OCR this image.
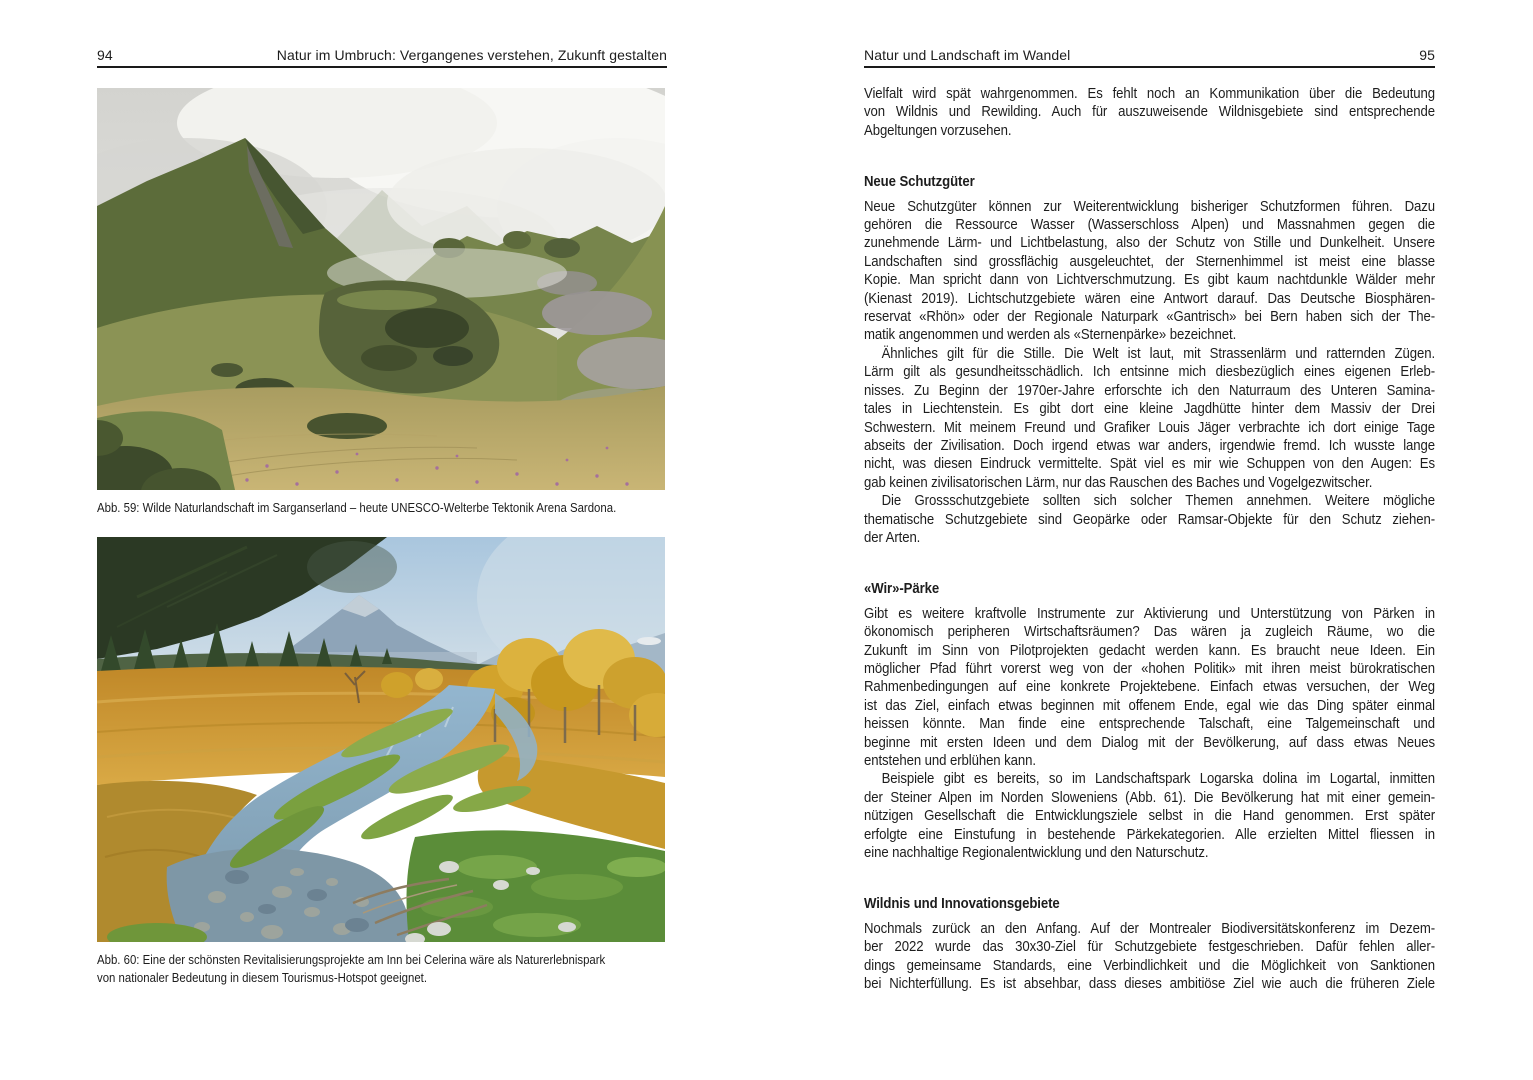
94	Natur im Umbruch: Vergangenes verstehen, Zukunft gestalten
Abb. 59: Wilde Naturlandschaft im Sarganserland – heute UNESCO-Welterbe Tektonik Arena Sardona.
Abb. 60: Eine der schönsten Revitalisierungsprojekte am Inn bei Celerina wäre als Naturerlebnispark
von nationaler Bedeutung in diesem Tourismus-Hotspot geeignet.
Natur und Landschaft im Wandel	95
Vielfalt wird spät wahrgenommen. Es fehlt noch an Kommunikation über die Bedeutung
von Wildnis und Rewilding. Auch für auszuweisende Wildnisgebiete sind entsprechende
Abgeltungen vorzusehen.
Neue Schutzgüter
Neue Schutzgüter können zur Weiterentwicklung bisheriger Schutzformen führen. Dazu
gehören die Ressource Wasser (Wasserschloss Alpen) und Massnahmen gegen die
zunehmende Lärm- und Lichtbelastung, also der Schutz von Stille und Dunkelheit. Unsere
Landschaften sind grossflächig ausgeleuchtet, der Sternenhimmel ist meist eine blasse
Kopie. Man spricht dann von Lichtverschmutzung. Es gibt kaum nachtdunkle Wälder mehr
(Kienast 2019). Lichtschutzgebiete wären eine Antwort darauf. Das Deutsche Biosphären-
reservat «Rhön» oder der Regionale Naturpark «Gantrisch» bei Bern haben sich der The-
matik angenommen und werden als «Sternenpärke» bezeichnet.
Ähnliches gilt für die Stille. Die Welt ist laut, mit Strassenlärm und ratternden Zügen.
Lärm gilt als gesundheitsschädlich. Ich entsinne mich diesbezüglich eines eigenen Erleb-
nisses. Zu Beginn der 1970er-Jahre erforschte ich den Naturraum des Unteren Samina-
tales in Liechtenstein. Es gibt dort eine kleine Jagdhütte hinter dem Massiv der Drei
Schwestern. Mit meinem Freund und Grafiker Louis Jäger verbrachte ich dort einige Tage
abseits der Zivilisation. Doch irgend etwas war anders, irgendwie fremd. Ich wusste lange
nicht, was diesen Eindruck vermittelte. Spät viel es mir wie Schuppen von den Augen: Es
gab keinen zivilisatorischen Lärm, nur das Rauschen des Baches und Vogelgezwitscher.
Die Grossschutzgebiete sollten sich solcher Themen annehmen. Weitere mögliche
thematische Schutzgebiete sind Geopärke oder Ramsar-Objekte für den Schutz ziehen-
der Arten.
«Wir»-Pärke
Gibt es weitere kraftvolle Instrumente zur Aktivierung und Unterstützung von Pärken in
ökonomisch peripheren Wirtschaftsräumen? Das wären ja zugleich Räume, wo die
Zukunft im Sinn von Pilotprojekten gedacht werden kann. Es braucht neue Ideen. Ein
möglicher Pfad führt vorerst weg von der «hohen Politik» mit ihren meist bürokratischen
Rahmenbedingungen auf eine konkrete Projektebene. Einfach etwas versuchen, der Weg
ist das Ziel, einfach etwas beginnen mit offenem Ende, egal wie das Ding später einmal
heissen könnte. Man finde eine entsprechende Talschaft, eine Talgemeinschaft und
beginne mit ersten Ideen und dem Dialog mit der Bevölkerung, auf dass etwas Neues
entstehen und erblühen kann.
Beispiele gibt es bereits, so im Landschaftspark Logarska dolina im Logartal, inmitten
der Steiner Alpen im Norden Sloweniens (Abb. 61). Die Bevölkerung hat mit einer gemein-
nützigen Gesellschaft die Entwicklungsziele selbst in die Hand genommen. Erst später
erfolgte eine Einstufung in bestehende Pärkekategorien. Alle erzielten Mittel fliessen in
eine nachhaltige Regionalentwicklung und den Naturschutz.
Wildnis und Innovationsgebiete
Nochmals zurück an den Anfang. Auf der Montrealer Biodiversitätskonferenz im Dezem-
ber 2022 wurde das 30x30-Ziel für Schutzgebiete festgeschrieben. Dafür fehlen aller-
dings gemeinsame Standards, eine Verbindlichkeit und die Möglichkeit von Sanktionen
bei Nichterfüllung. Es ist absehbar, dass dieses ambitiöse Ziel wie auch die früheren Ziele
